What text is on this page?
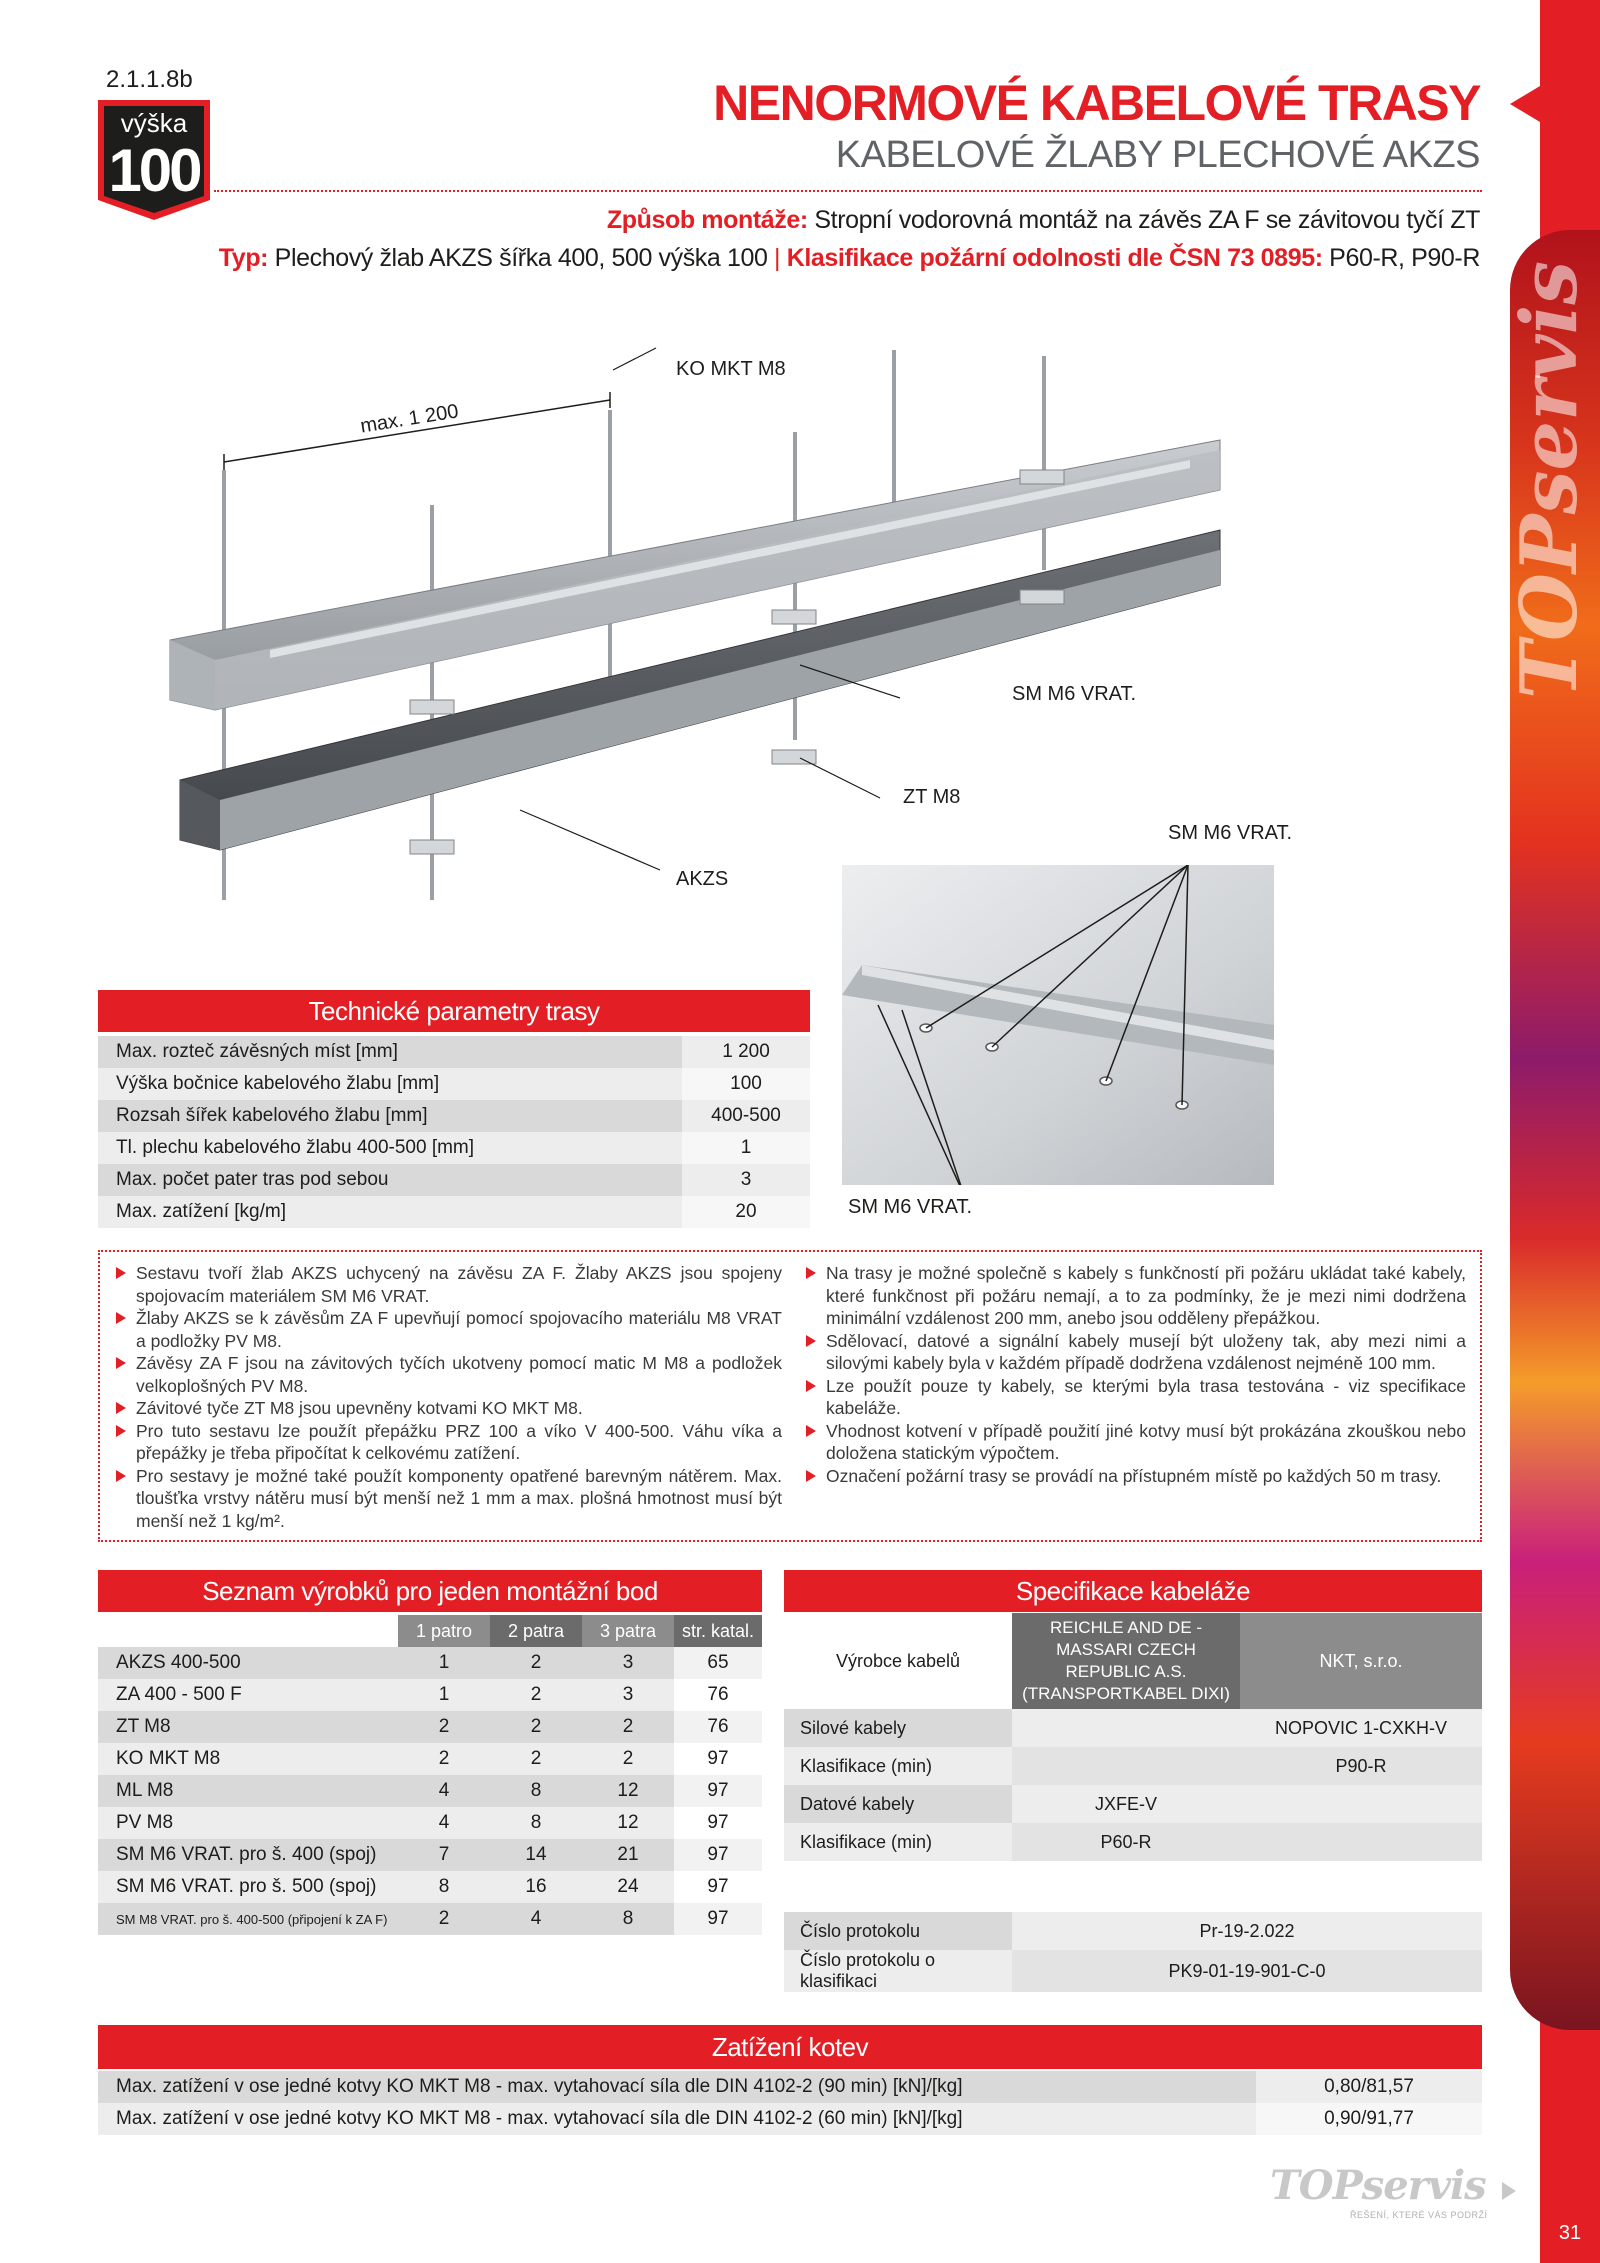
TOPservis
31
2.1.1.8b
výška
100
NENORMOVÉ KABELOVÉ TRASY
KABELOVÉ ŽLABY PLECHOVÉ AKZS
Způsob montáže: Stropní vodorovná montáž na závěs ZA F se závitovou tyčí ZT
Typ: Plechový žlab AKZS šířka 400, 500 výška 100 | Klasifikace požární odolnosti dle ČSN 73 0895: P60-R, P90-R
KO MKT M8
max. 1 200
SM M6 VRAT.
ZT M8
AKZS
SM M6 VRAT.
SM M6 VRAT.
Technické parametry trasy
Max. rozteč závěsných míst [mm]	1 200
Výška bočnice kabelového žlabu [mm]	100
Rozsah šířek kabelového žlabu [mm]	400-500
Tl. plechu kabelového žlabu 400-500 [mm]	1
Max. počet pater tras pod sebou	3
Max. zatížení [kg/m]	20
Sestavu tvoří žlab AKZS uchycený na závěsu ZA F. Žlaby AKZS jsou spojeny spojovacím materiálem SM M6 VRAT.
Žlaby AKZS se k závěsům ZA F upevňují pomocí spojovacího materiálu M8 VRAT a podložky PV M8.
Závěsy ZA F jsou na závitových tyčích ukotveny pomocí matic M M8 a podložek velkoplošných PV M8.
Závitové tyče ZT M8 jsou upevněny kotvami KO MKT M8.
Pro tuto sestavu lze použít přepážku PRZ 100 a víko V 400-500. Váhu víka a přepážky je třeba připočítat k celkovému zatížení.
Pro sestavy je možné také použít komponenty opatřené barevným nátěrem. Max. tloušťka vrstvy nátěru musí být menší než 1 mm a max. plošná hmotnost musí být menší než 1 kg/m².
Na trasy je možné společně s kabely s funkčností při požáru ukládat také kabely, které funkčnost při požáru nemají, a to za podmínky, že je mezi nimi dodržena minimální vzdálenost 200 mm, anebo jsou odděleny přepážkou.
Sdělovací, datové a signální kabely musejí být uloženy tak, aby mezi nimi a silovými kabely byla v každém případě dodržena vzdálenost nejméně 100 mm.
Lze použít pouze ty kabely, se kterými byla trasa testována - viz specifikace kabeláže.
Vhodnost kotvení v případě použití jiné kotvy musí být prokázána zkouškou nebo doložena statickým výpočtem.
Označení požární trasy se provádí na přístupném místě po každých 50 m trasy.
Seznam výrobků pro jeden montážní bod
	1 patro	2 patra	3 patra	str. katal.
AKZS 400-500	1	2	3	65
ZA 400 - 500 F	1	2	3	76
ZT M8	2	2	2	76
KO MKT M8	2	2	2	97
ML M8	4	8	12	97
PV M8	4	8	12	97
SM M6 VRAT. pro š. 400 (spoj)	7	14	21	97
SM M6 VRAT. pro š. 500 (spoj)	8	16	24	97
SM M8 VRAT. pro š. 400-500 (připojení k ZA F)	2	4	8	97
Specifikace kabeláže
Výrobce kabelů	REICHLE AND DE - MASSARI CZECH REPUBLIC A.S. (TRANSPORTKABEL DIXI)	NKT, s.r.o.
Silové kabely		NOPOVIC 1-CXKH-V
Klasifikace (min)		P90-R
Datové kabely	JXFE-V	
Klasifikace (min)	P60-R	
Číslo protokolu	Pr-19-2.022
Číslo protokolu o klasifikaci	PK9-01-19-901-C-0
Zatížení kotev
Max. zatížení v ose jedné kotvy KO MKT M8 - max. vytahovací síla dle DIN 4102-2 (90 min) [kN]/[kg]	0,80/81,57
Max. zatížení v ose jedné kotvy KO MKT M8 - max. vytahovací síla dle DIN 4102-2 (60 min) [kN]/[kg]	0,90/91,77
TOPservis
ŘEŠENÍ, KTERÉ VÁS PODRŽÍ
